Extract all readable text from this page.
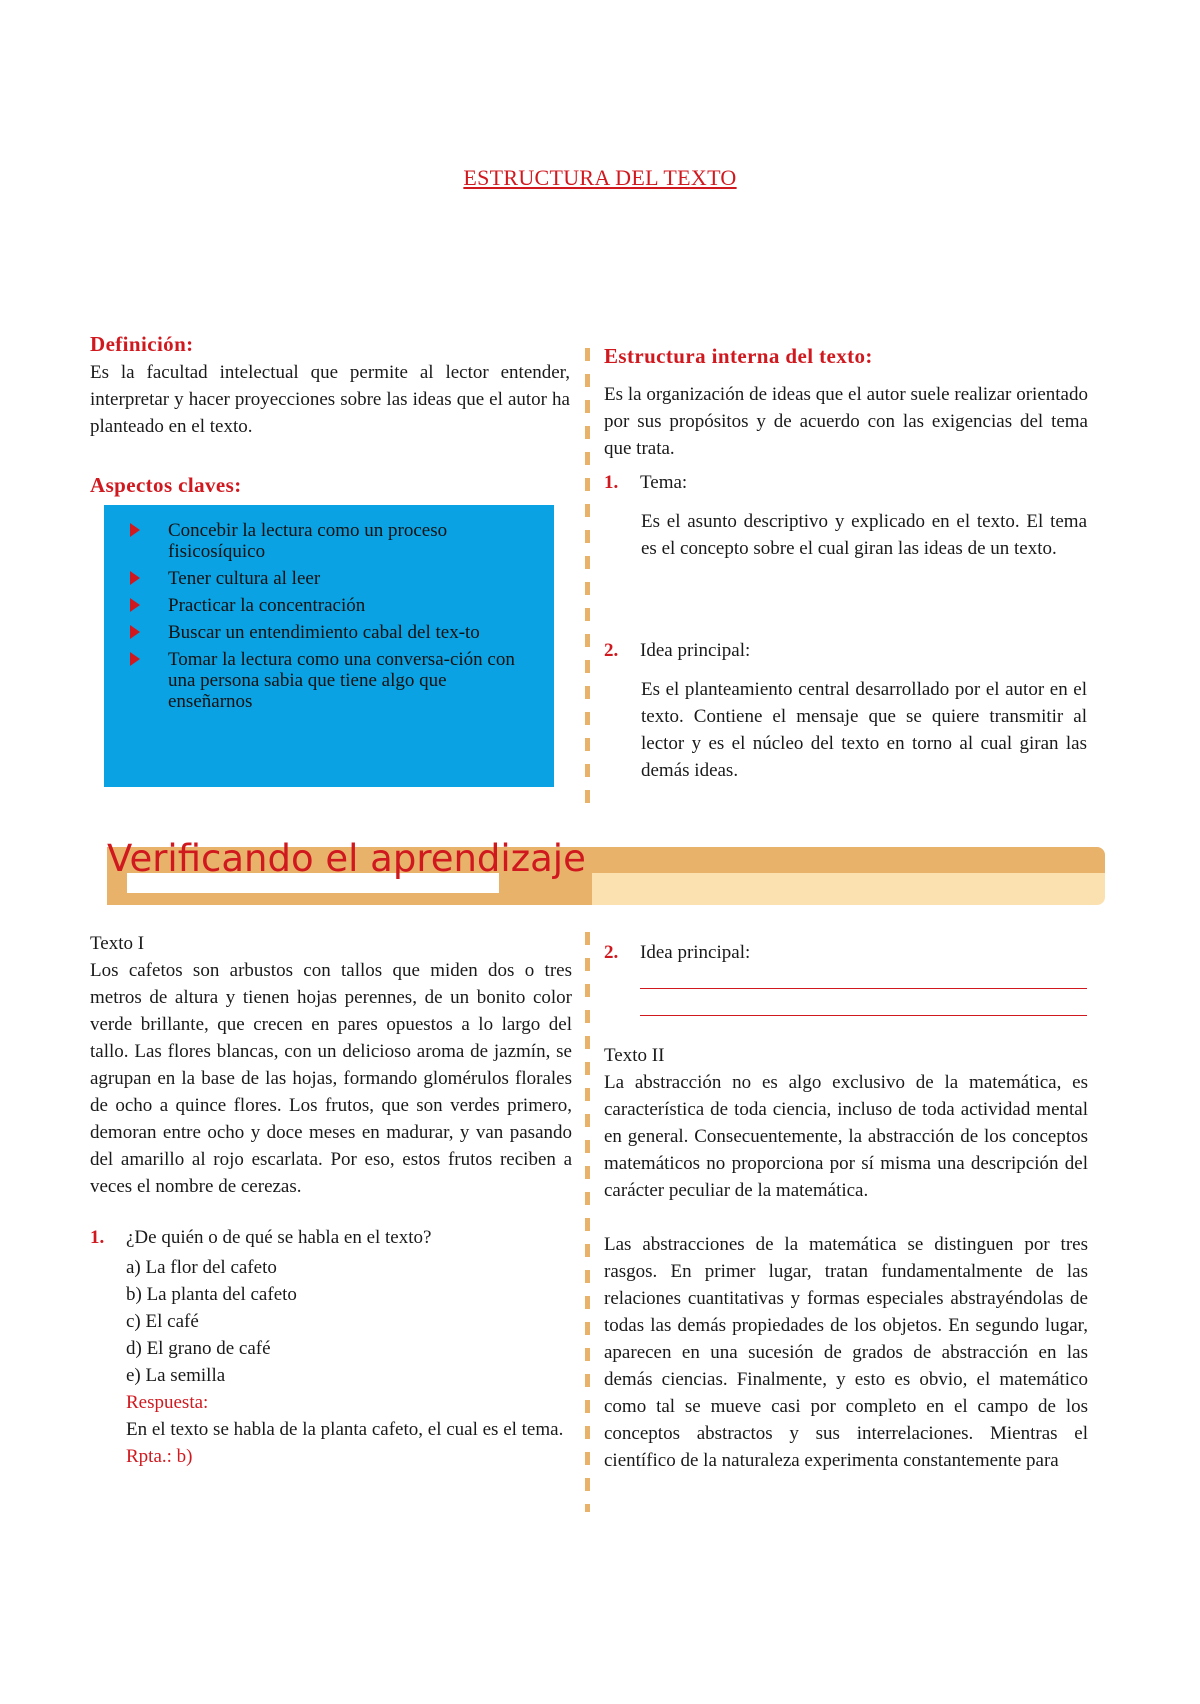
ESTRUCTURA DEL TEXTO
Definición:
Es la facultad intelectual que permite al lector entender, interpretar y hacer proyecciones sobre las ideas que el autor ha planteado en el texto.
Aspectos claves:
Concebir la lectura como un proceso fisicosíquico
Tener cultura al leer
Practicar la concentración
Buscar un entendimiento cabal del tex-to
Tomar la lectura como una conversa-ción con una persona sabia que tiene algo que enseñarnos
Estructura interna del texto:
Es la organización de ideas que el autor suele realizar orientado por sus propósitos y de acuerdo con las exigencias del tema que trata.
1. Tema:
Es el asunto descriptivo y explicado en el texto. El tema es el concepto sobre el cual giran las ideas de un texto.
2. Idea principal:
Es el planteamiento central desarrollado por el autor en el texto. Contiene el mensaje que se quiere transmitir al lector y es el núcleo del texto en torno al cual giran las demás ideas.
Verificando el aprendizaje
Texto I
Los cafetos son arbustos con tallos que miden dos o tres metros de altura y tienen hojas perennes, de un bonito color verde brillante, que crecen en pares opuestos a lo largo del tallo. Las flores blancas, con un delicioso aroma de jazmín, se agrupan en la base de las hojas, formando glomérulos florales de ocho a quince flores. Los frutos, que son verdes primero, demoran entre ocho y doce meses en madurar, y van pasando del amarillo al rojo escarlata. Por eso, estos frutos reciben a veces el nombre de cerezas.
1. ¿De quién o de qué se habla en el texto?
a) La flor del cafeto
b) La planta del cafeto
c) El café
d) El grano de café
e) La semilla
Respuesta:
En el texto se habla de la planta cafeto, el cual es el tema.
Rpta.: b)
2. Idea principal:
Texto II
La abstracción no es algo exclusivo de la matemática, es característica de toda ciencia, incluso de toda actividad mental en general. Consecuentemente, la abstracción de los conceptos matemáticos no proporciona por sí misma una descripción del carácter peculiar de la matemática.
Las abstracciones de la matemática se distinguen por tres rasgos. En primer lugar, tratan fundamentalmente de las relaciones cuantitativas y formas especiales abstrayéndolas de todas las demás propiedades de los objetos. En segundo lugar, aparecen en una sucesión de grados de abstracción en las demás ciencias. Finalmente, y esto es obvio, el matemático como tal se mueve casi por completo en el campo de los conceptos abstractos y sus interrelaciones. Mientras el científico de la naturaleza experimenta constantemente para
